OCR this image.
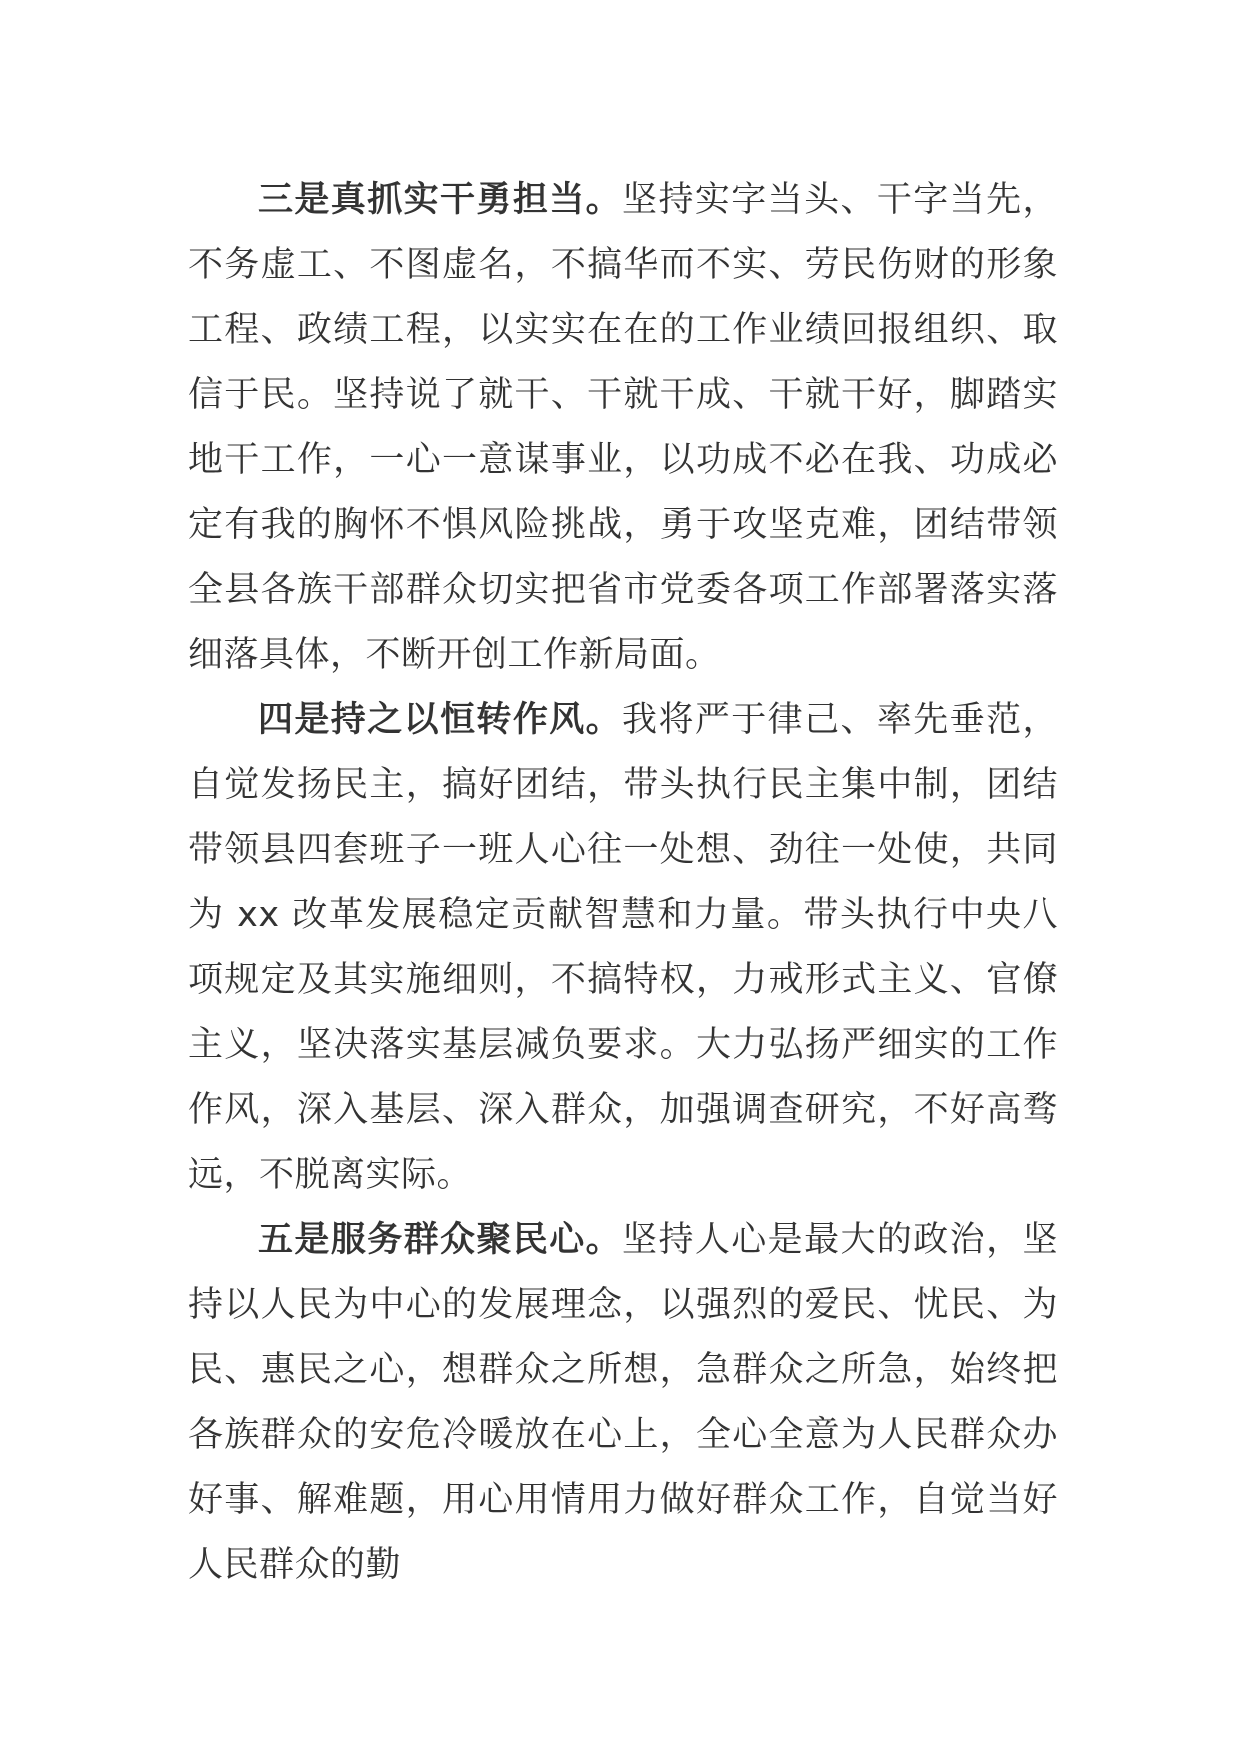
三是真抓实干勇担当。坚持实字当头、干字当先，不务虚工、不图虚名，不搞华而不实、劳民伤财的形象工程、政绩工程，以实实在在的工作业绩回报组织、取信于民。坚持说了就干、干就干成、干就干好，脚踏实地干工作，一心一意谋事业，以功成不必在我、功成必定有我的胸怀不惧风险挑战，勇于攻坚克难，团结带领全县各族干部群众切实把省市党委各项工作部署落实落细落具体，不断开创工作新局面。

四是持之以恒转作风。我将严于律己、率先垂范，自觉发扬民主，搞好团结，带头执行民主集中制，团结带领县四套班子一班人心往一处想、劲往一处使，共同为 xx 改革发展稳定贡献智慧和力量。带头执行中央八项规定及其实施细则，不搞特权，力戒形式主义、官僚主义，坚决落实基层减负要求。大力弘扬严细实的工作作风，深入基层、深入群众，加强调查研究，不好高骛远，不脱离实际。

五是服务群众聚民心。坚持人心是最大的政治，坚持以人民为中心的发展理念，以强烈的爱民、忧民、为民、惠民之心，想群众之所想，急群众之所急，始终把各族群众的安危冷暖放在心上，全心全意为人民群众办好事、解难题，用心用情用力做好群众工作，自觉当好人民群众的勤
